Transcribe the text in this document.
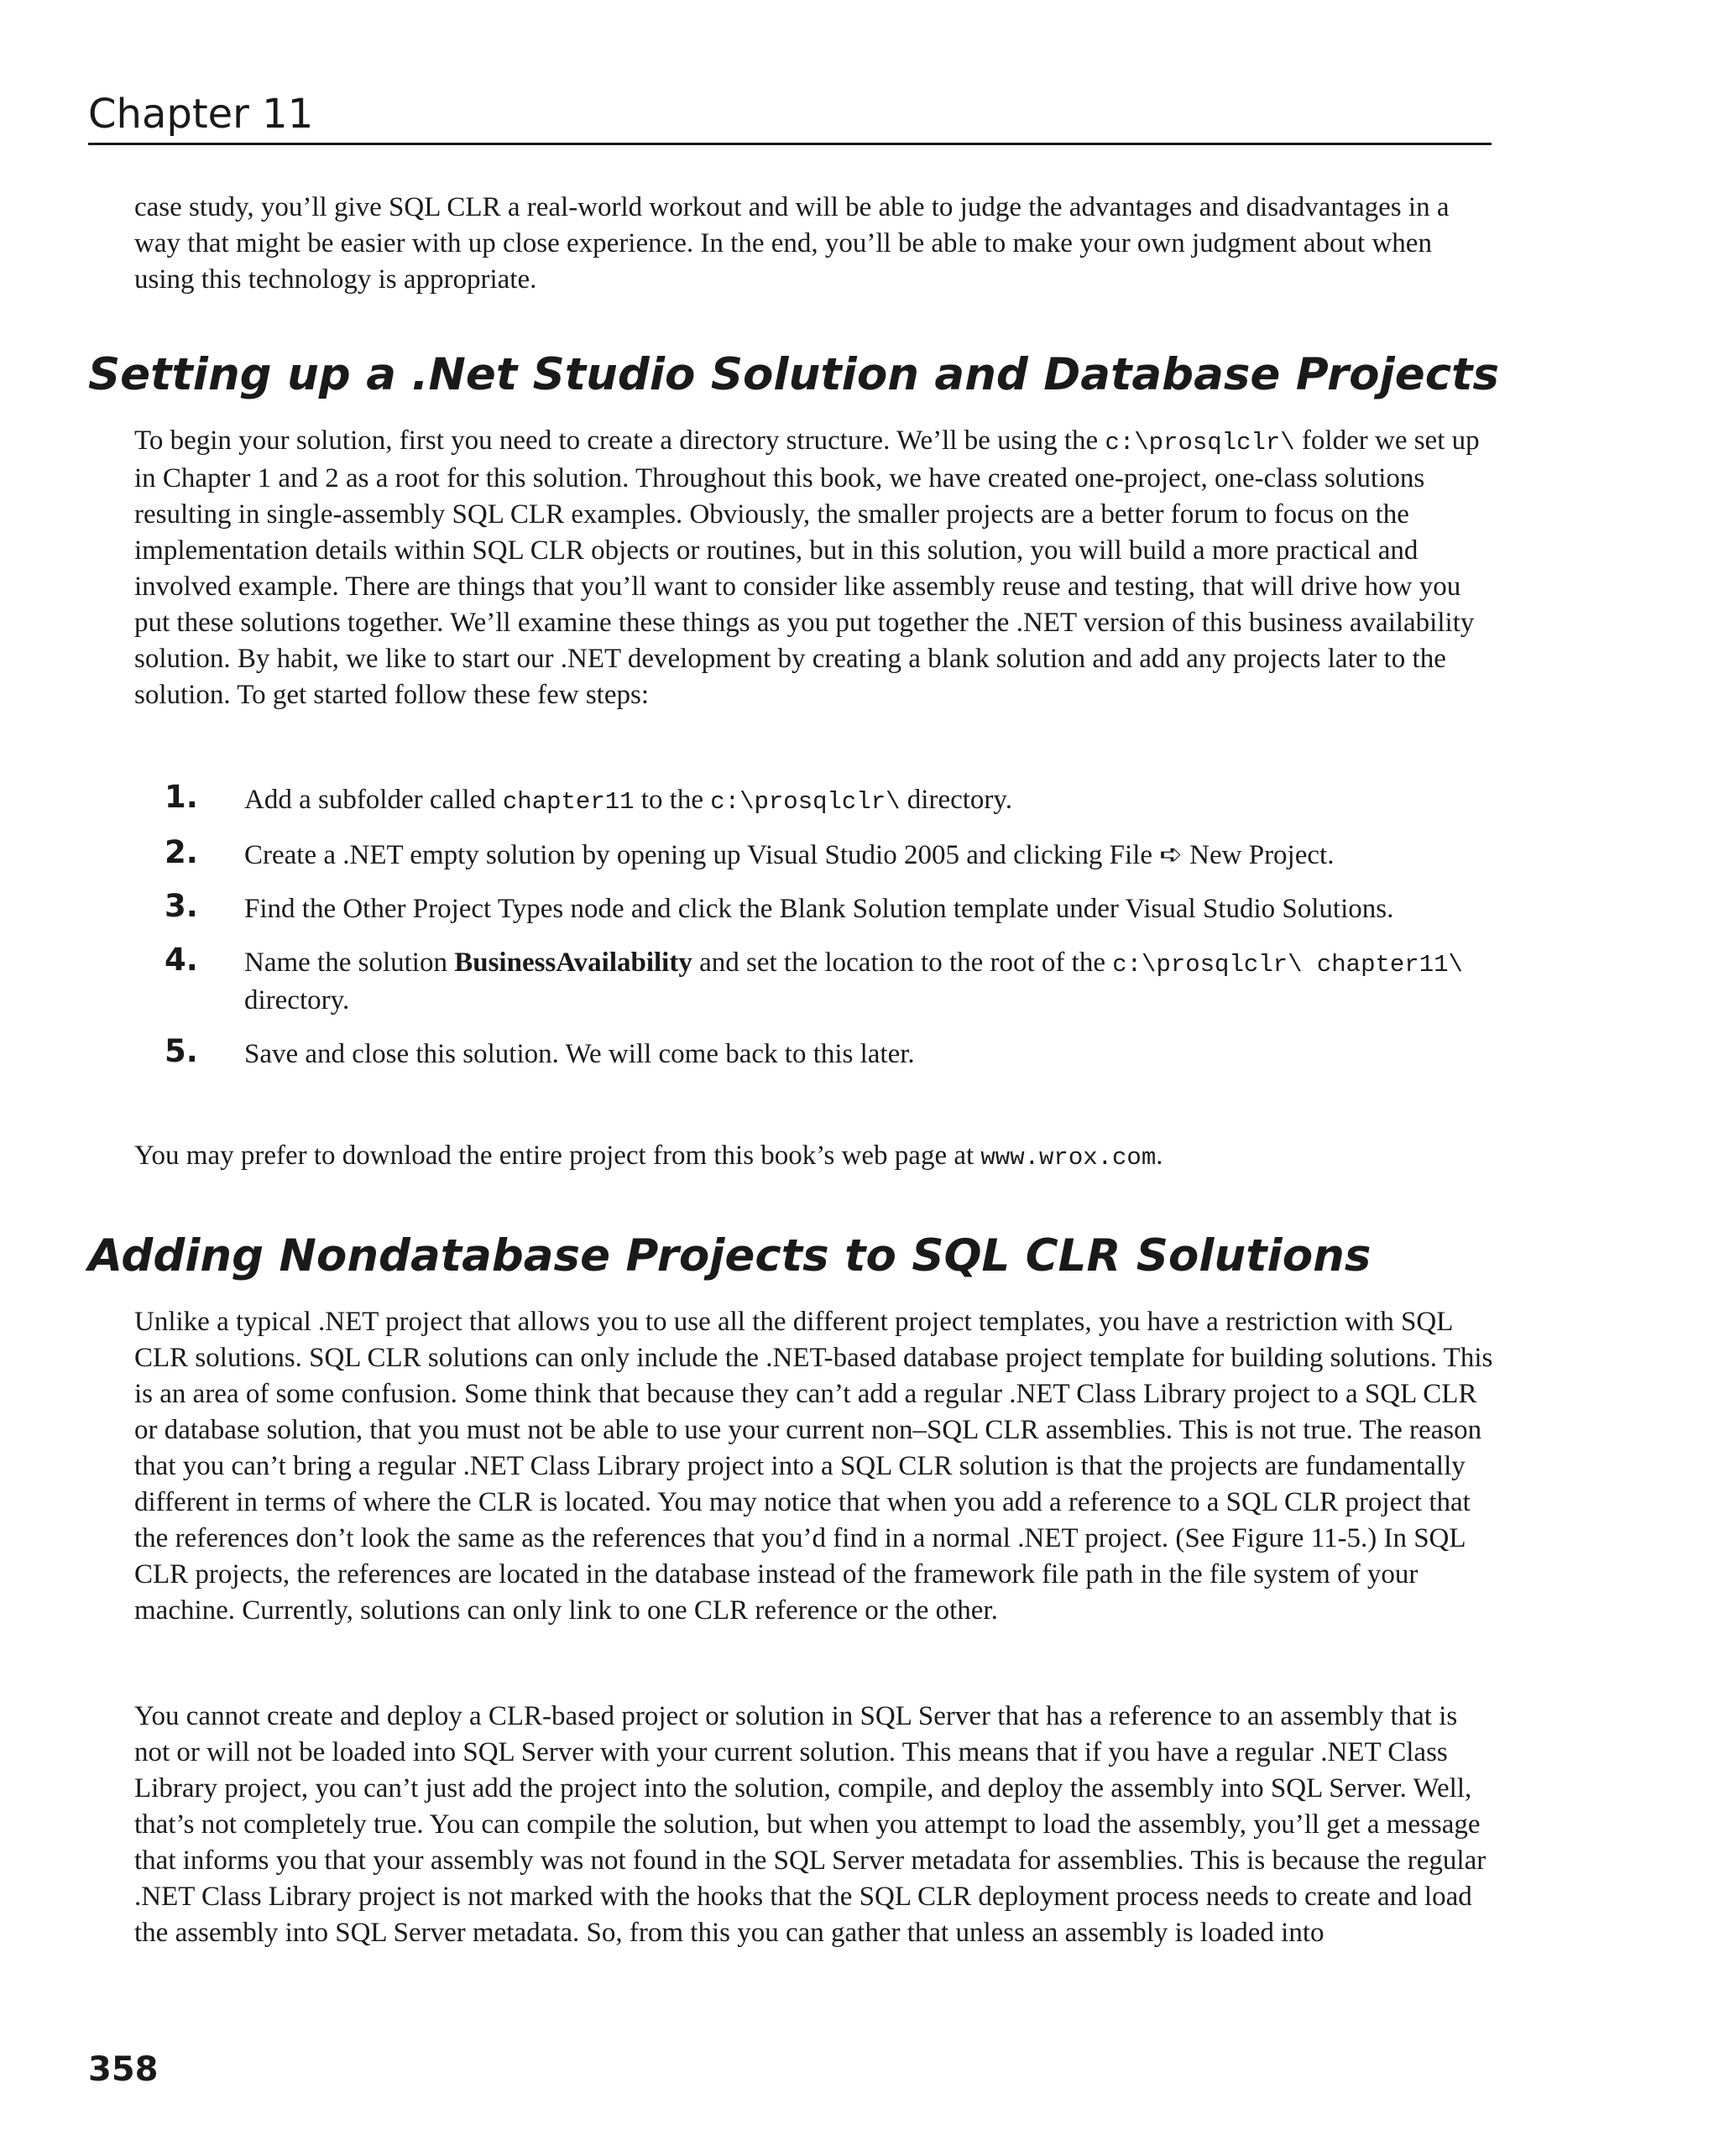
Chapter 11

case study, you’ll give SQL CLR a real-world workout and will be able to judge the advantages and disadvantages in a way that might be easier with up close experience. In the end, you’ll be able to make your own judgment about when using this technology is appropriate.

Setting up a .Net Studio Solution and Database Projects

To begin your solution, first you need to create a directory structure. We’ll be using the c:\prosqlclr\ folder we set up in Chapter 1 and 2 as a root for this solution. Throughout this book, we have created one-project, one-class solutions resulting in single-assembly SQL CLR examples. Obviously, the smaller projects are a better forum to focus on the implementation details within SQL CLR objects or routines, but in this solution, you will build a more practical and involved example. There are things that you’ll want to consider like assembly reuse and testing, that will drive how you put these solutions together. We’ll examine these things as you put together the .NET version of this business availability solution. By habit, we like to start our .NET development by creating a blank solution and add any projects later to the solution. To get started follow these few steps:

1. Add a subfolder called chapter11 to the c:\prosqlclr\ directory.
2. Create a .NET empty solution by opening up Visual Studio 2005 and clicking File ➪ New Project.
3. Find the Other Project Types node and click the Blank Solution template under Visual Studio Solutions.
4. Name the solution BusinessAvailability and set the location to the root of the c:\prosqlclr\ chapter11\ directory.
5. Save and close this solution. We will come back to this later.

You may prefer to download the entire project from this book’s web page at www.wrox.com.

Adding Nondatabase Projects to SQL CLR Solutions

Unlike a typical .NET project that allows you to use all the different project templates, you have a restriction with SQL CLR solutions. SQL CLR solutions can only include the .NET-based database project template for building solutions. This is an area of some confusion. Some think that because they can’t add a regular .NET Class Library project to a SQL CLR or database solution, that you must not be able to use your current non–SQL CLR assemblies. This is not true. The reason that you can’t bring a regular .NET Class Library project into a SQL CLR solution is that the projects are fundamentally different in terms of where the CLR is located. You may notice that when you add a reference to a SQL CLR project that the references don’t look the same as the references that you’d find in a normal .NET project. (See Figure 11-5.) In SQL CLR projects, the references are located in the database instead of the framework file path in the file system of your machine. Currently, solutions can only link to one CLR reference or the other.

You cannot create and deploy a CLR-based project or solution in SQL Server that has a reference to an assembly that is not or will not be loaded into SQL Server with your current solution. This means that if you have a regular .NET Class Library project, you can’t just add the project into the solution, compile, and deploy the assembly into SQL Server. Well, that’s not completely true. You can compile the solution, but when you attempt to load the assembly, you’ll get a message that informs you that your assembly was not found in the SQL Server metadata for assemblies. This is because the regular .NET Class Library project is not marked with the hooks that the SQL CLR deployment process needs to create and load the assembly into SQL Server metadata. So, from this you can gather that unless an assembly is loaded into

358
